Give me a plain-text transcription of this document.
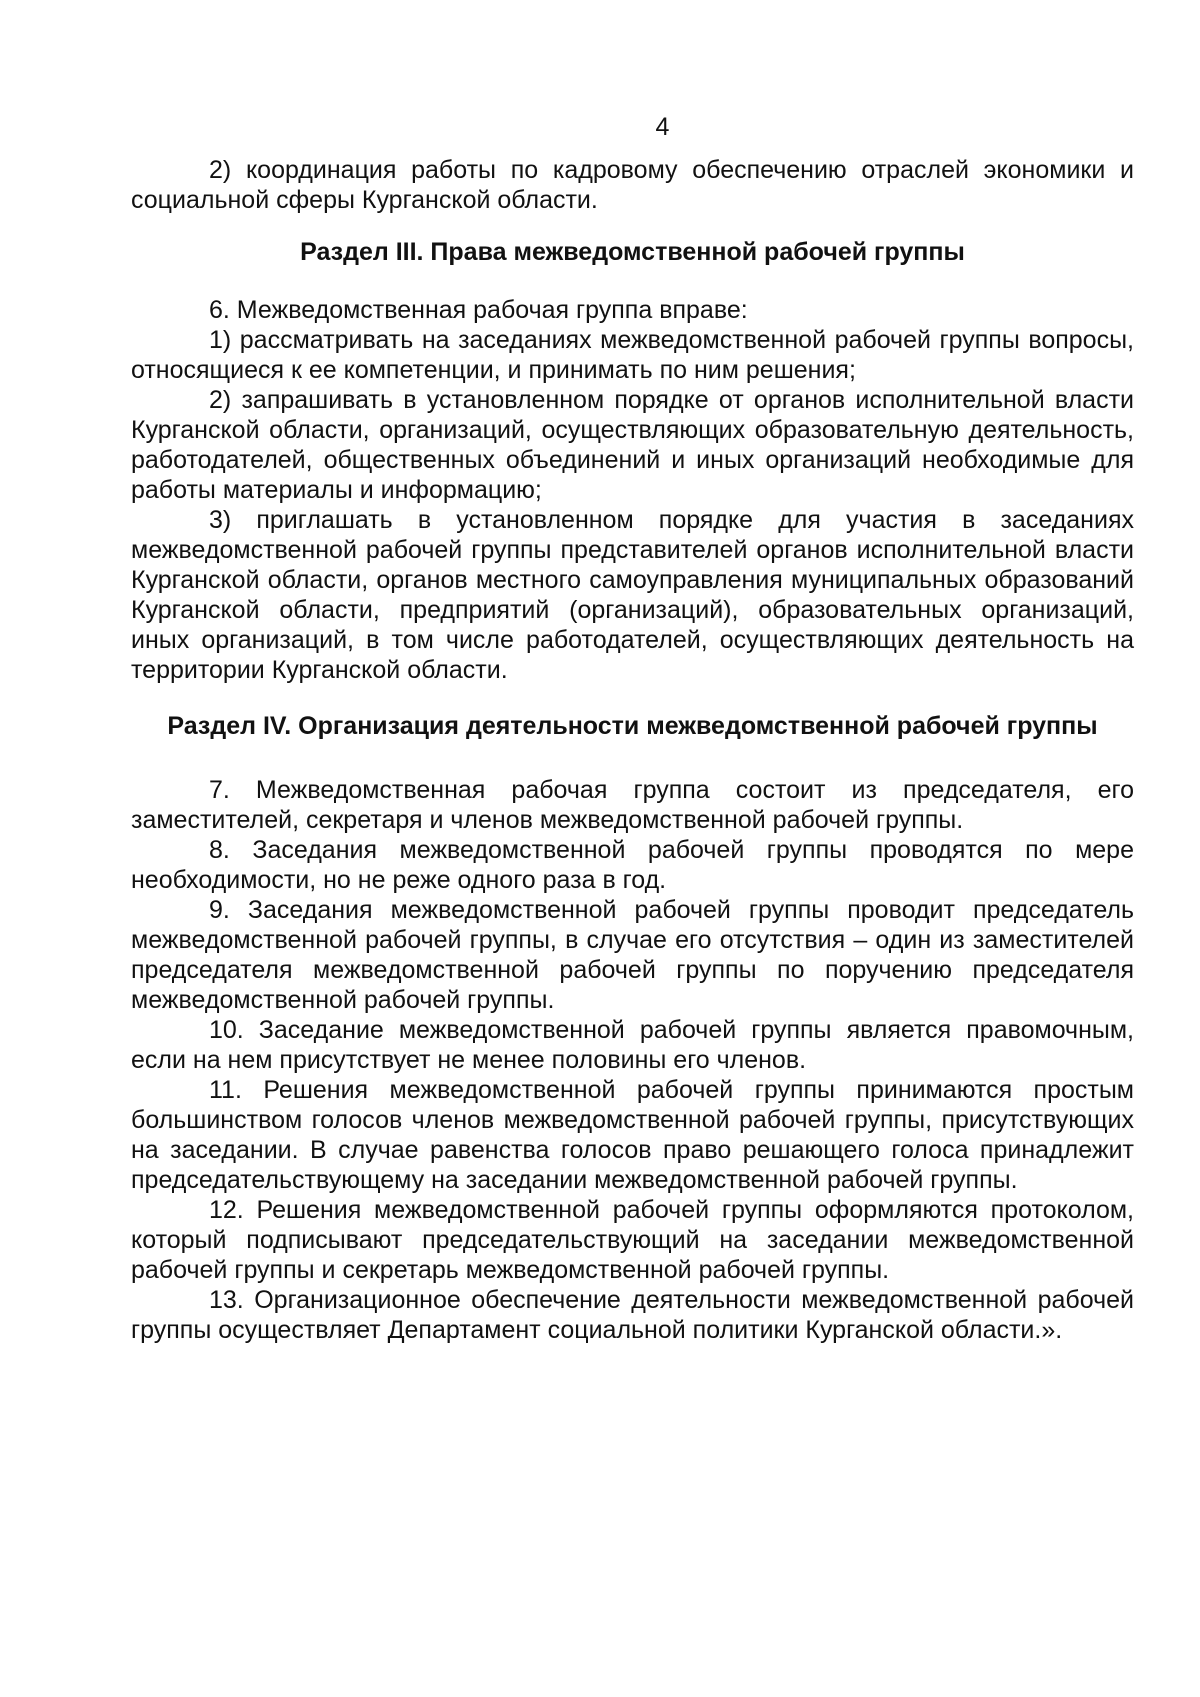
4

2) координация работы по кадровому обеспечению отраслей экономики и социальной сферы Курганской области.

Раздел III. Права межведомственной рабочей группы

6. Межведомственная рабочая группа вправе:

1) рассматривать на заседаниях межведомственной рабочей группы вопросы, относящиеся к ее компетенции, и принимать по ним решения;

2) запрашивать в установленном порядке от органов исполнительной власти Курганской области, организаций, осуществляющих образовательную деятельность, работодателей, общественных объединений и иных организаций необходимые для работы материалы и информацию;

3) приглашать в установленном порядке для участия в заседаниях межведомственной рабочей группы представителей органов исполнительной власти Курганской области, органов местного самоуправления муниципальных образований Курганской области, предприятий (организаций), образовательных организаций, иных организаций, в том числе работодателей, осуществляющих деятельность на территории Курганской области.

Раздел IV. Организация деятельности межведомственной рабочей группы

7. Межведомственная рабочая группа состоит из председателя, его заместителей, секретаря и членов межведомственной рабочей группы.

8. Заседания межведомственной рабочей группы проводятся по мере необходимости, но не реже одного раза в год.

9. Заседания межведомственной рабочей группы проводит председатель межведомственной рабочей группы, в случае его отсутствия – один из заместителей председателя межведомственной рабочей группы по поручению председателя межведомственной рабочей группы.

10. Заседание межведомственной рабочей группы является правомочным, если на нем присутствует не менее половины его членов.

11. Решения межведомственной рабочей группы принимаются простым большинством голосов членов межведомственной рабочей группы, присутствующих на заседании. В случае равенства голосов право решающего голоса принадлежит председательствующему на заседании межведомственной рабочей группы.

12. Решения межведомственной рабочей группы оформляются протоколом, который подписывают председательствующий на заседании межведомственной рабочей группы и секретарь межведомственной рабочей группы.

13. Организационное обеспечение деятельности межведомственной рабочей группы осуществляет Департамент социальной политики Курганской области.».
